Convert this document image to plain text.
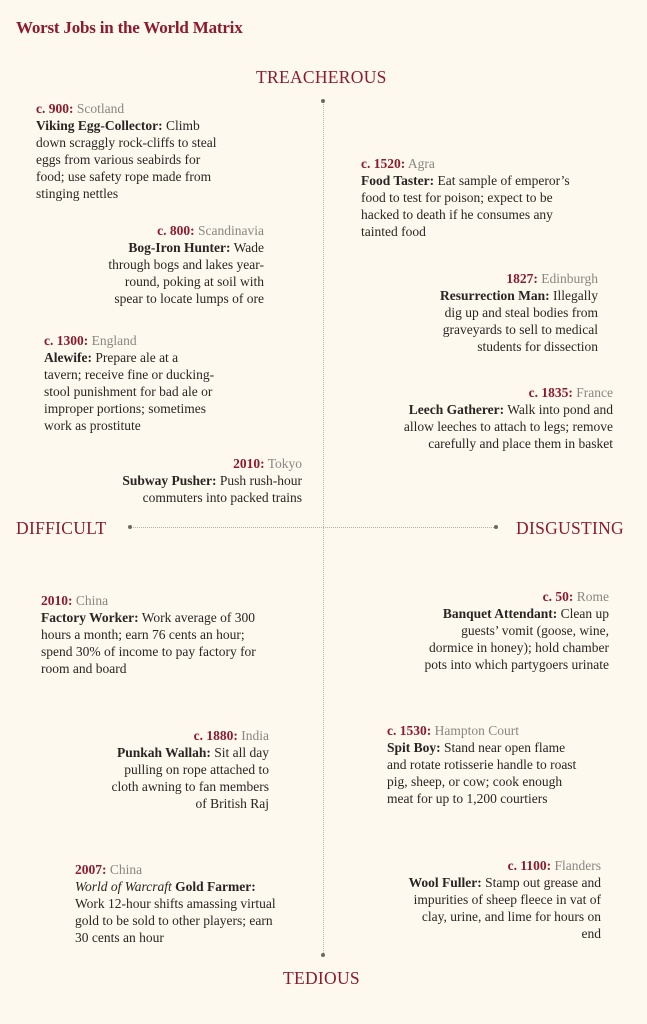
Worst Jobs in the World Matrix
TREACHEROUS
TEDIOUS
DIFFICULT	DISGUSTING
c. 900: Scotland
Viking Egg-Collector: Climb down scraggly rock-cliffs to steal eggs from various seabirds for food; use safety rope made from stinging nettles
c. 800: Scandinavia
Bog-Iron Hunter: Wade through bogs and lakes year-round, poking at soil with spear to locate lumps of ore
c. 1300: England
Alewife: Prepare ale at a tavern; receive fine or ducking-stool punishment for bad ale or improper portions; sometimes work as prostitute
2010: Tokyo
Subway Pusher: Push rush-hour commuters into packed trains
c. 1520: Agra
Food Taster: Eat sample of emperor’s food to test for poison; expect to be hacked to death if he consumes any tainted food
1827: Edinburgh
Resurrection Man: Illegally dig up and steal bodies from graveyards to sell to medical students for dissection
c. 1835: France
Leech Gatherer: Walk into pond and allow leeches to attach to legs; remove carefully and place them in basket
2010: China
Factory Worker: Work average of 300 hours a month; earn 76 cents an hour; spend 30% of income to pay factory for room and board
c. 1880: India
Punkah Wallah: Sit all day pulling on rope attached to cloth awning to fan members of British Raj
2007: China
World of Warcraft Gold Farmer:
Work 12-hour shifts amassing virtual gold to be sold to other players; earn 30 cents an hour
c. 50: Rome
Banquet Attendant: Clean up guests’ vomit (goose, wine, dormice in honey); hold chamber pots into which partygoers urinate
c. 1530: Hampton Court
Spit Boy: Stand near open flame and rotate rotisserie handle to roast pig, sheep, or cow; cook enough meat for up to 1,200 courtiers
c. 1100: Flanders
Wool Fuller: Stamp out grease and impurities of sheep fleece in vat of clay, urine, and lime for hours on end
